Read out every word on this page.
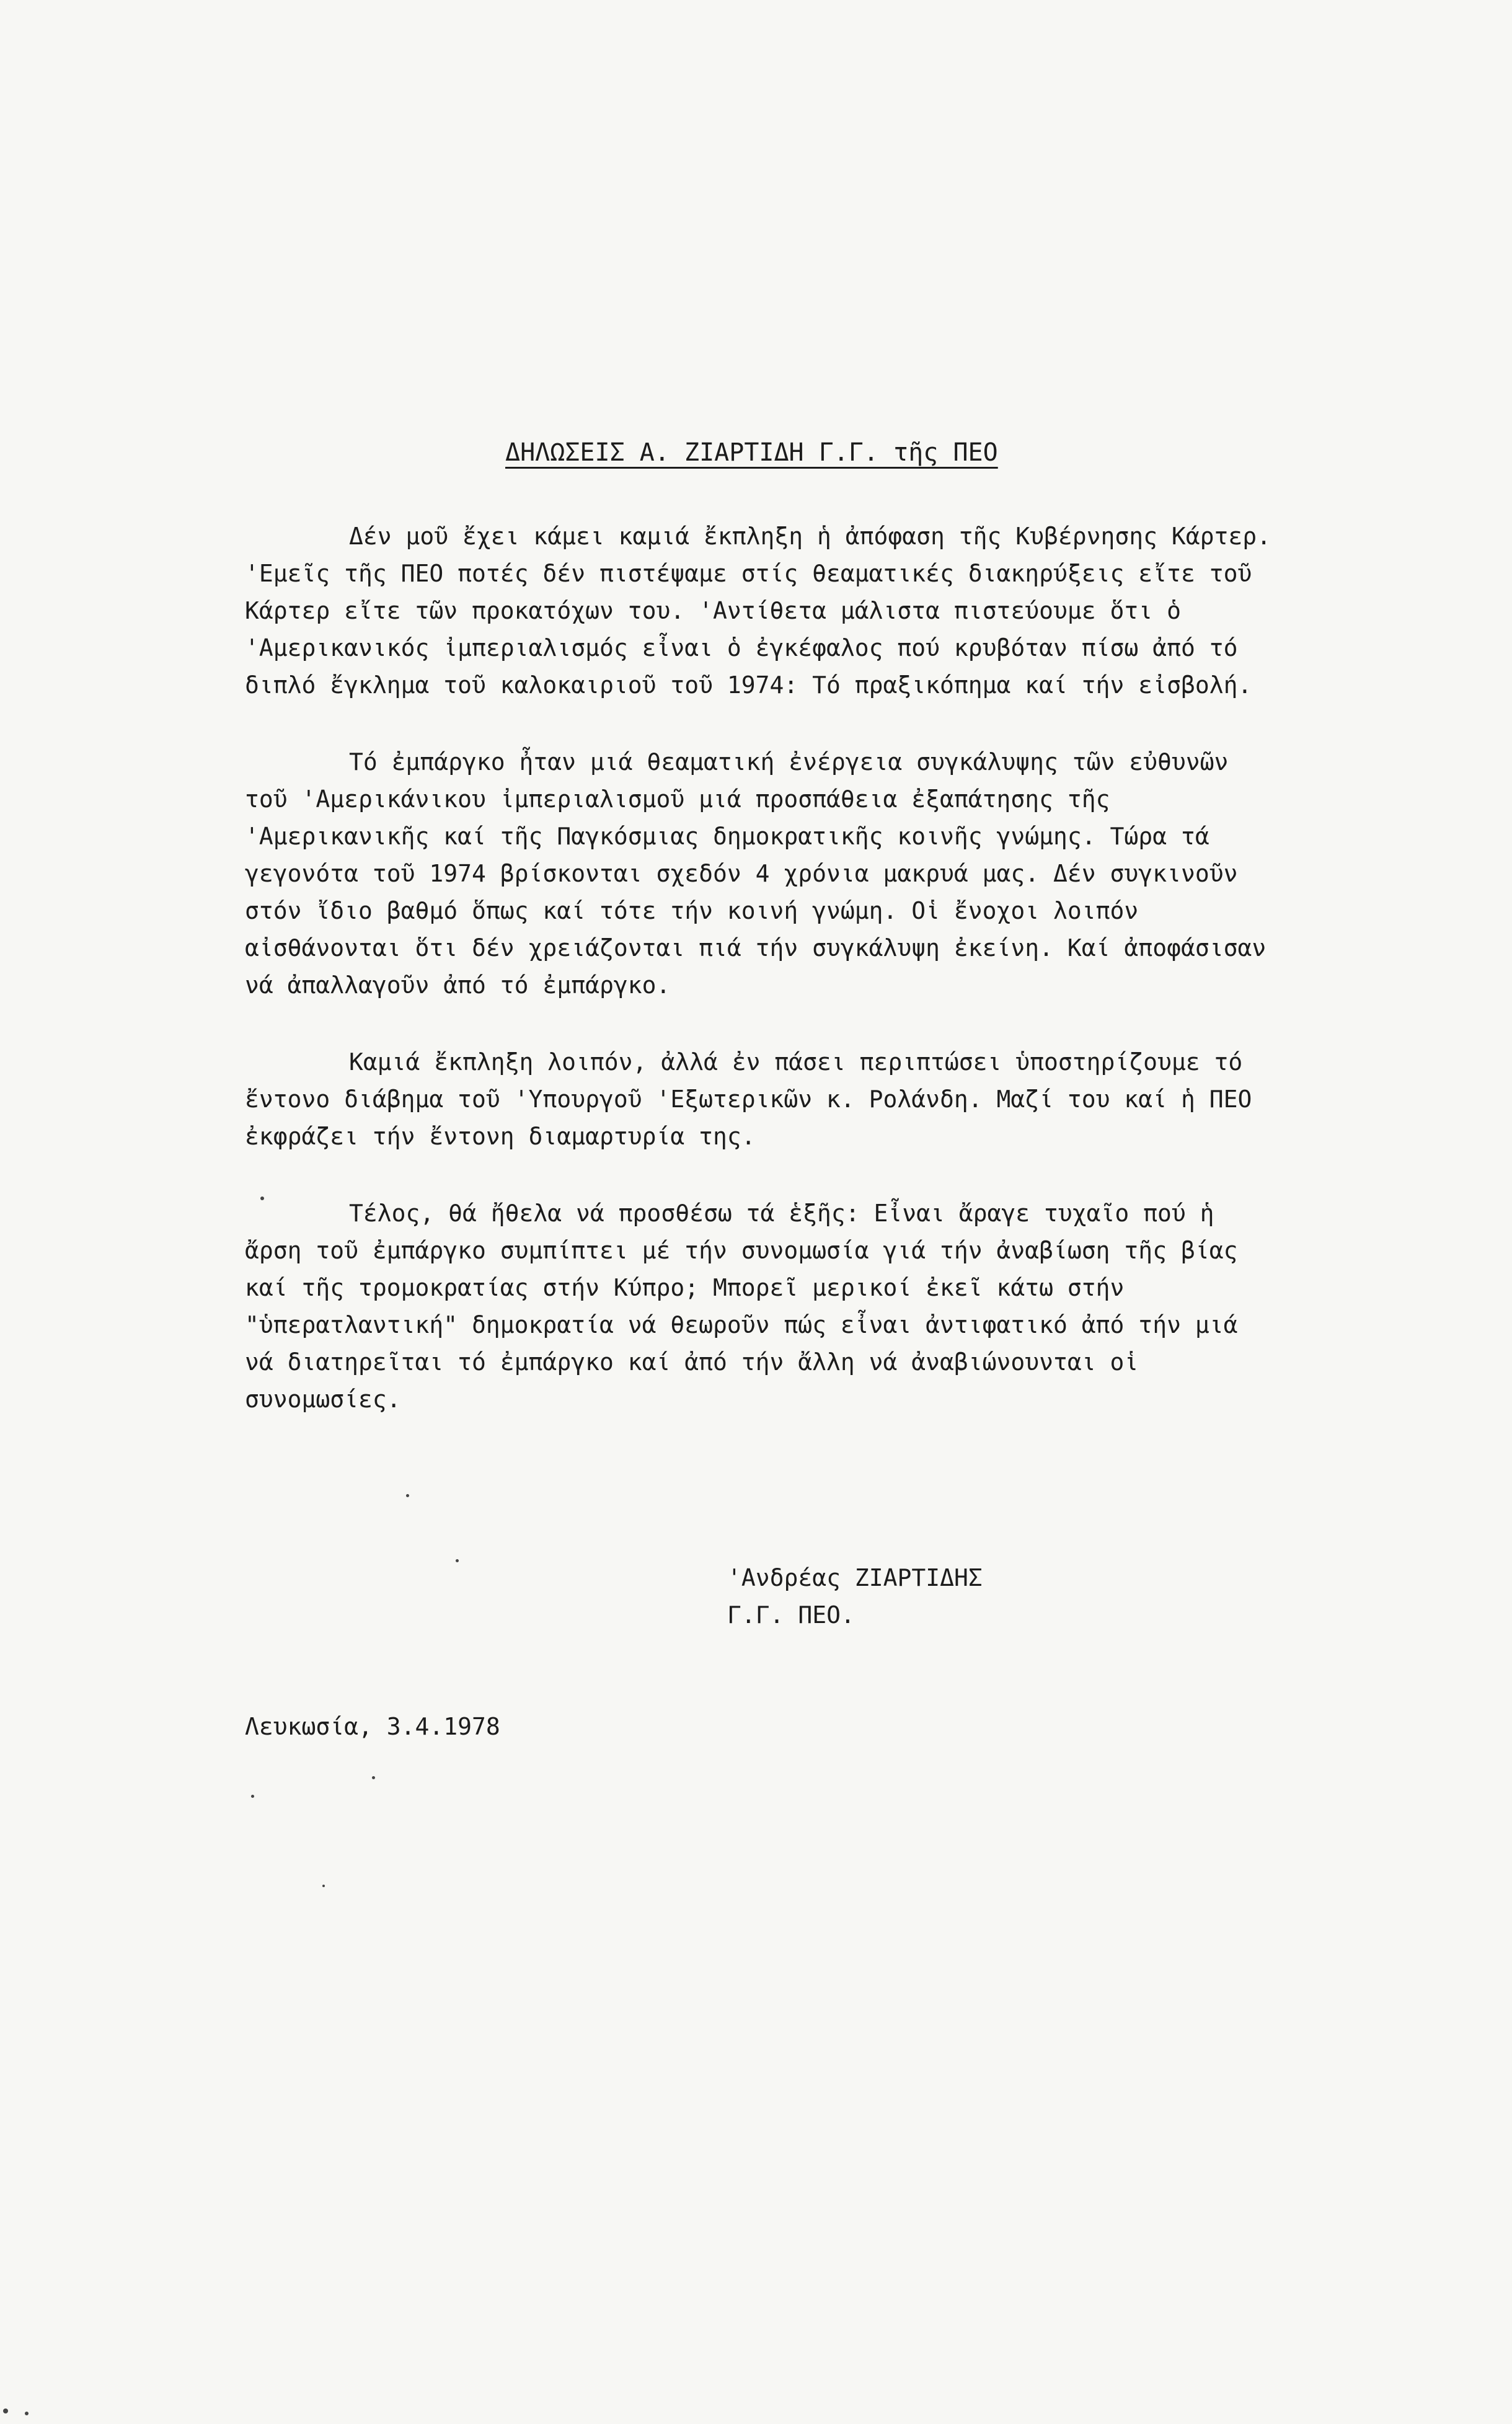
ΔΗΛΩΣΕΙΣ Α. ΖΙΑΡΤΙΔΗ Γ.Γ. τῆς ΠΕΟ

Δέν μοῦ ἔχει κάμει καμιά ἔκπληξη ἡ ἀπόφαση τῆς Κυβέρνησης Κάρτερ. 'Εμεῖς τῆς ΠΕΟ ποτές δέν πιστέψαμε στίς θεαματικές διακηρύξεις εἴτε τοῦ Κάρτερ εἴτε τῶν προκατόχων του. 'Αντίθετα μάλιστα πιστεύουμε ὅτι ὁ 'Αμερικανικός ἰμπεριαλισμός εἶναι ὁ ἐγκέφαλος πού κρυβόταν πίσω ἀπό τό διπλό ἔγκλημα τοῦ καλοκαιριοῦ τοῦ 1974: Τό πραξικόπημα καί τήν εἰσβολή.

Τό ἐμπάργκο ἦταν μιά θεαματική ἐνέργεια συγκάλυψης τῶν εὐθυνῶν τοῦ 'Αμερικάνικου ἰμπεριαλισμοῦ μιά προσπάθεια ἐξαπάτησης τῆς 'Αμερικανικῆς καί τῆς Παγκόσμιας δημοκρατικῆς κοινῆς γνώμης. Τώρα τά γεγονότα τοῦ 1974 βρίσκονται σχεδόν 4 χρόνια μακρυά μας. Δέν συγκινοῦν στόν ἴδιο βαθμό ὅπως καί τότε τήν κοινή γνώμη. Οἱ ἔνοχοι λοιπόν αἰσθάνονται ὅτι δέν χρειάζονται πιά τήν συγκάλυψη ἐκείνη. Καί ἀποφάσισαν νά ἀπαλλαγοῦν ἀπό τό ἐμπάργκο.

Καμιά ἔκπληξη λοιπόν, ἀλλά ἐν πάσει περιπτώσει ὑποστηρίζουμε τό ἔντονο διάβημα τοῦ 'Υπουργοῦ 'Εξωτερικῶν κ. Ρολάνδη. Μαζί του καί ἡ ΠΕΟ ἐκφράζει τήν ἔντονη διαμαρτυρία της.

Τέλος, θά ἤθελα νά προσθέσω τά ἑξῆς: Εἶναι ἄραγε τυχαῖο πού ἡ ἄρση τοῦ ἐμπάργκο συμπίπτει μέ τήν συνομωσία γιά τήν ἀναβίωση τῆς βίας καί τῆς τρομοκρατίας στήν Κύπρο; Μπορεῖ μερικοί ἐκεῖ κάτω στήν "ὑπερατλαντική" δημοκρατία νά θεωροῦν πώς εἶναι ἀντιφατικό ἀπό τήν μιά νά διατηρεῖται τό ἐμπάργκο καί ἀπό τήν ἄλλη νά ἀναβιώνουνται οἱ συνομωσίες.

'Ανδρέας ΖΙΑΡΤΙΔΗΣ
Γ.Γ. ΠΕΟ.
Λευκωσία, 3.4.1978
